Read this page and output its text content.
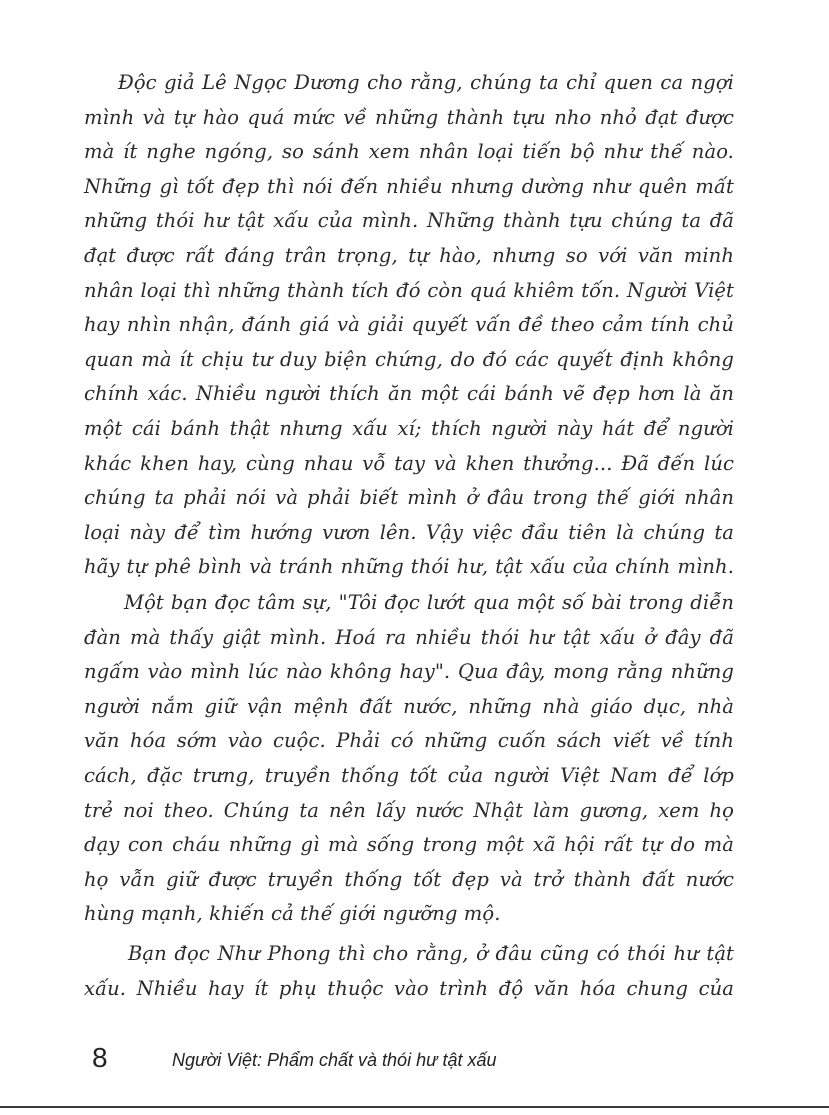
Độc giả Lê Ngọc Dương cho rằng, chúng ta chỉ quen ca ngợi
mình và tự hào quá mức về những thành tựu nho nhỏ đạt được
mà ít nghe ngóng, so sánh xem nhân loại tiến bộ như thế nào.
Những gì tốt đẹp thì nói đến nhiều nhưng dường như quên mất
những thói hư tật xấu của mình. Những thành tựu chúng ta đã
đạt được rất đáng trân trọng, tự hào, nhưng so với văn minh
nhân loại thì những thành tích đó còn quá khiêm tốn. Người Việt
hay nhìn nhận, đánh giá và giải quyết vấn đề theo cảm tính chủ
quan mà ít chịu tư duy biện chứng, do đó các quyết định không
chính xác. Nhiều người thích ăn một cái bánh vẽ đẹp hơn là ăn
một cái bánh thật nhưng xấu xí; thích người này hát để người
khác khen hay, cùng nhau vỗ tay và khen thưởng... Đã đến lúc
chúng ta phải nói và phải biết mình ở đâu trong thế giới nhân
loại này để tìm hướng vươn lên. Vậy việc đầu tiên là chúng ta
hãy tự phê bình và tránh những thói hư, tật xấu của chính mình.
Một bạn đọc tâm sự, "Tôi đọc lướt qua một số bài trong diễn
đàn mà thấy giật mình. Hoá ra nhiều thói hư tật xấu ở đây đã
ngấm vào mình lúc nào không hay". Qua đây, mong rằng những
người nắm giữ vận mệnh đất nước, những nhà giáo dục, nhà
văn hóa sớm vào cuộc. Phải có những cuốn sách viết về tính
cách, đặc trưng, truyền thống tốt của người Việt Nam để lớp
trẻ noi theo. Chúng ta nên lấy nước Nhật làm gương, xem họ
dạy con cháu những gì mà sống trong một xã hội rất tự do mà
họ vẫn giữ được truyền thống tốt đẹp và trở thành đất nước
hùng mạnh, khiến cả thế giới ngưỡng mộ.
Bạn đọc Như Phong thì cho rằng, ở đâu cũng có thói hư tật
xấu. Nhiều hay ít phụ thuộc vào trình độ văn hóa chung của
8	Người Việt: Phẩm chất và thói hư tật xấu
